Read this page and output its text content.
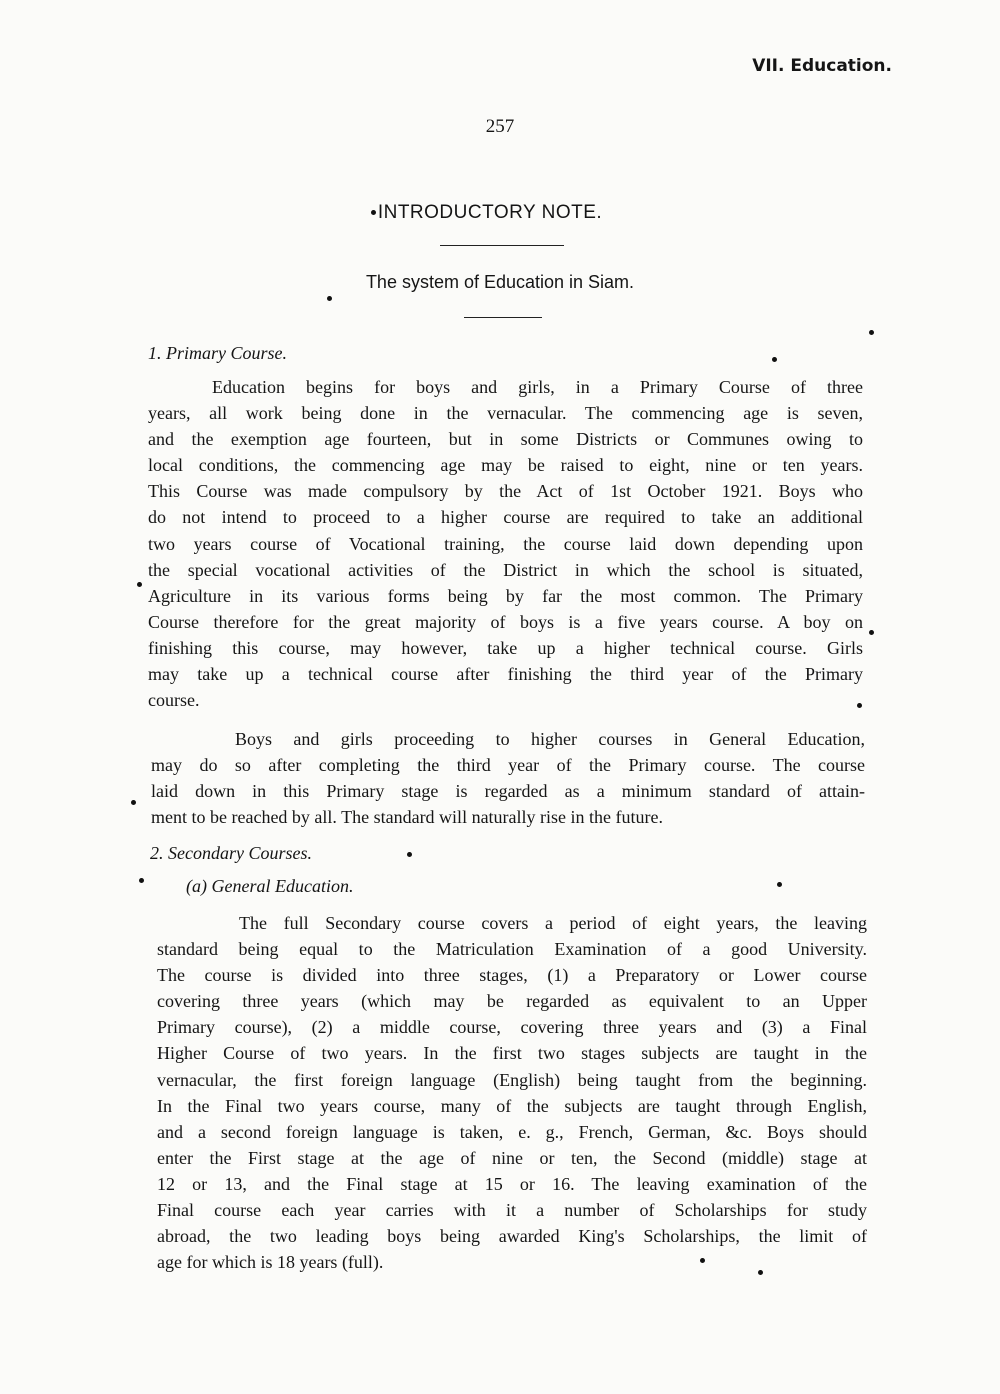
VII. Education.
257
INTRODUCTORY NOTE.
The system of Education in Siam.
1. Primary Course.
Education begins for boys and girls, in a Primary Course of three
years, all work being done in the vernacular. The commencing age is seven,
and the exemption age fourteen, but in some Districts or Communes owing to
local conditions, the commencing age may be raised to eight, nine or ten years.
This Course was made compulsory by the Act of 1st October 1921. Boys who
do not intend to proceed to a higher course are required to take an additional
two years course of Vocational training, the course laid down depending upon
the special vocational activities of the District in which the school is situated,
Agriculture in its various forms being by far the most common. The Primary
Course therefore for the great majority of boys is a five years course. A boy on
finishing this course, may however, take up a higher technical course. Girls
may take up a technical course after finishing the third year of the Primary
course.
Boys and girls proceeding to higher courses in General Education,
may do so after completing the third year of the Primary course. The course
laid down in this Primary stage is regarded as a minimum standard of attain-
ment to be reached by all. The standard will naturally rise in the future.
2. Secondary Courses.
(a) General Education.
The full Secondary course covers a period of eight years, the leaving
standard being equal to the Matriculation Examination of a good University.
The course is divided into three stages, (1) a Preparatory or Lower course
covering three years (which may be regarded as equivalent to an Upper
Primary course), (2) a middle course, covering three years and (3) a Final
Higher Course of two years. In the first two stages subjects are taught in the
vernacular, the first foreign language (English) being taught from the beginning.
In the Final two years course, many of the subjects are taught through English,
and a second foreign language is taken, e. g., French, German, &c. Boys should
enter the First stage at the age of nine or ten, the Second (middle) stage at
12 or 13, and the Final stage at 15 or 16. The leaving examination of the
Final course each year carries with it a number of Scholarships for study
abroad, the two leading boys being awarded King's Scholarships, the limit of
age for which is 18 years (full).
